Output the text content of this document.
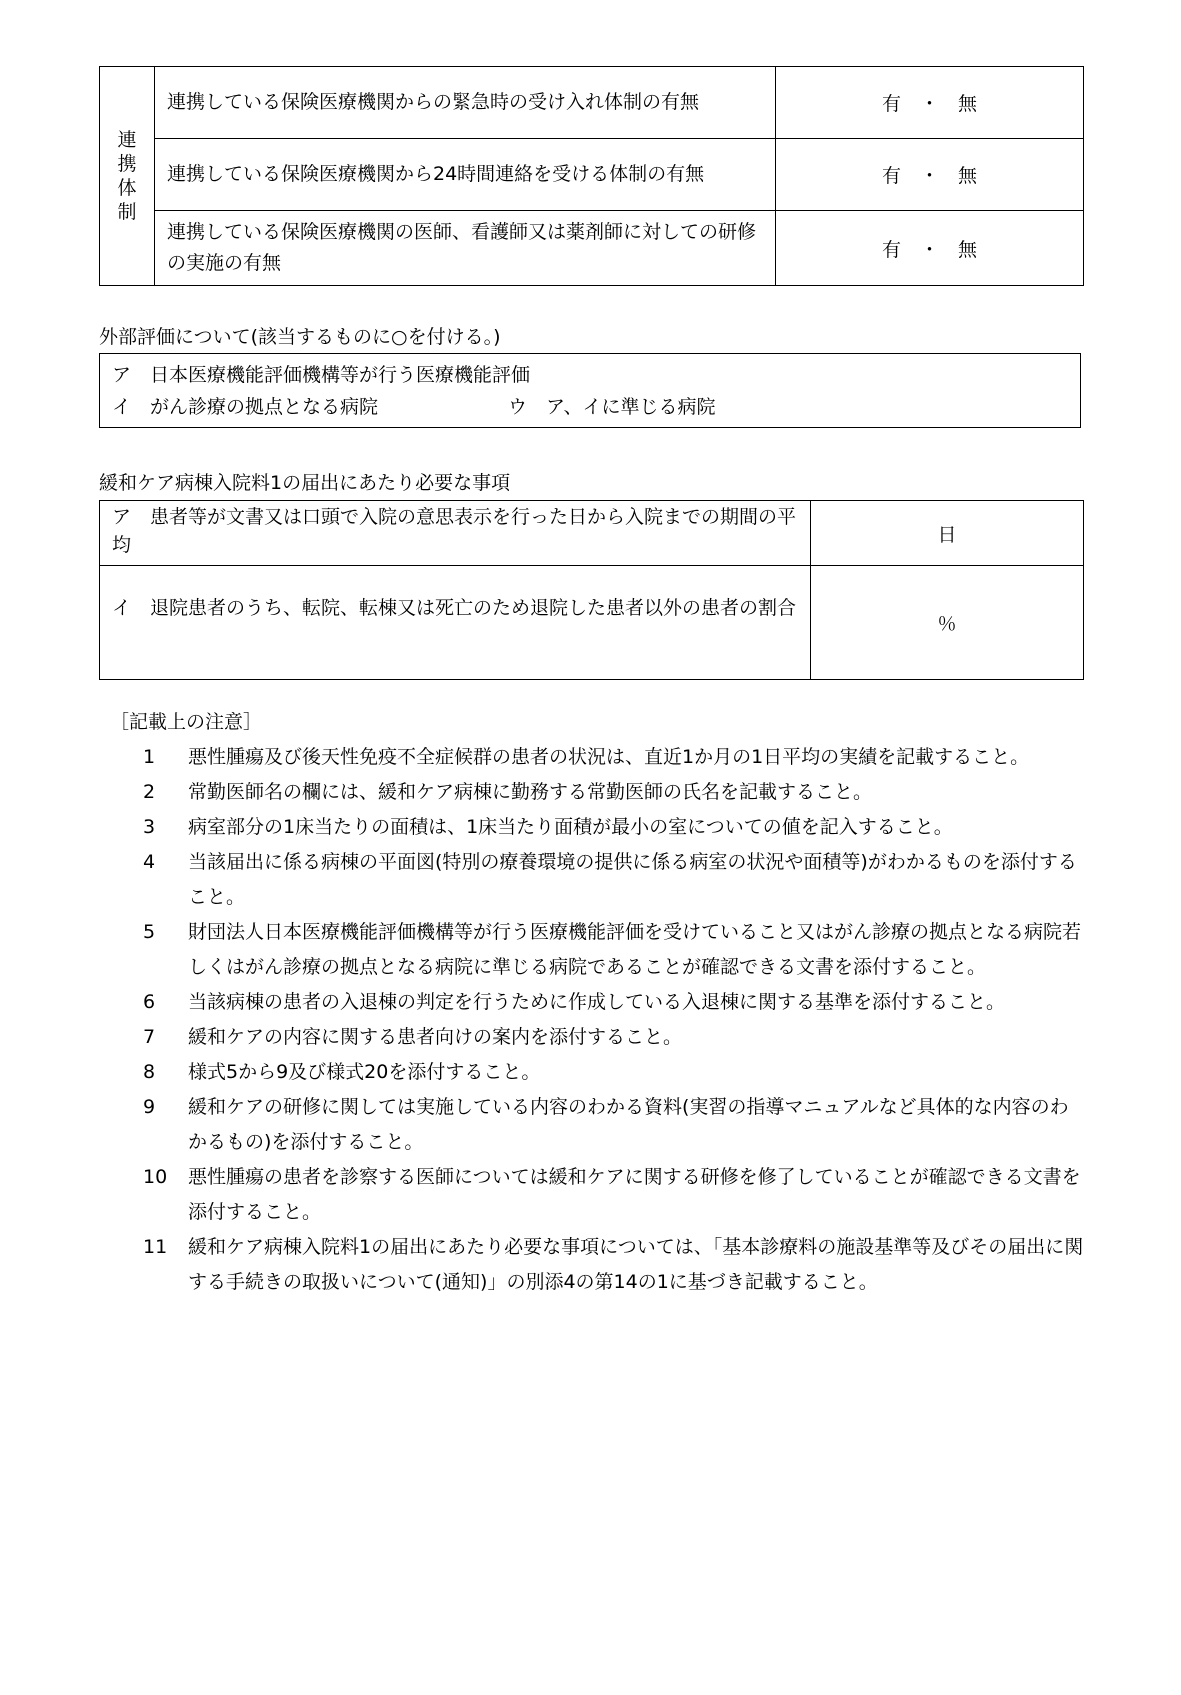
連
携
体
制	連携している保険医療機関からの緊急時の受け入れ体制の有無	有　・　無

	連携している保険医療機関から24時間連絡を受ける体制の有無	有　・　無

	連携している保険医療機関の医師、看護師又は薬剤師に対しての研修の実施の有無	有　・　無
外部評価について(該当するものに○を付ける。)
ア　日本医療機能評価機構等が行う医療機能評価
イ　がん診療の拠点となる病院	ウ　ア、イに準じる病院
緩和ケア病棟入院料1の届出にあたり必要な事項
ア　患者等が文書又は口頭で入院の意思表示を行った日から入院までの期間の平均	日

イ　退院患者のうち、転院、転棟又は死亡のため退院した患者以外の患者の割合	％
［記載上の注意］
1 悪性腫瘍及び後天性免疫不全症候群の患者の状況は、直近1か月の1日平均の実績を記載すること。
2 常勤医師名の欄には、緩和ケア病棟に勤務する常勤医師の氏名を記載すること。
3 病室部分の1床当たりの面積は、1床当たり面積が最小の室についての値を記入すること。
4 当該届出に係る病棟の平面図(特別の療養環境の提供に係る病室の状況や面積等)がわかるものを添付すること。
5 財団法人日本医療機能評価機構等が行う医療機能評価を受けていること又はがん診療の拠点となる病院若しくはがん診療の拠点となる病院に準じる病院であることが確認できる文書を添付すること。
6 当該病棟の患者の入退棟の判定を行うために作成している入退棟に関する基準を添付すること。
7 緩和ケアの内容に関する患者向けの案内を添付すること。
8 様式5から9及び様式20を添付すること。
9 緩和ケアの研修に関しては実施している内容のわかる資料(実習の指導マニュアルなど具体的な内容のわかるもの)を添付すること。
10 悪性腫瘍の患者を診察する医師については緩和ケアに関する研修を修了していることが確認できる文書を添付すること。
11 緩和ケア病棟入院料1の届出にあたり必要な事項については、「基本診療料の施設基準等及びその届出に関する手続きの取扱いについて(通知)」の別添4の第14の1に基づき記載すること。
